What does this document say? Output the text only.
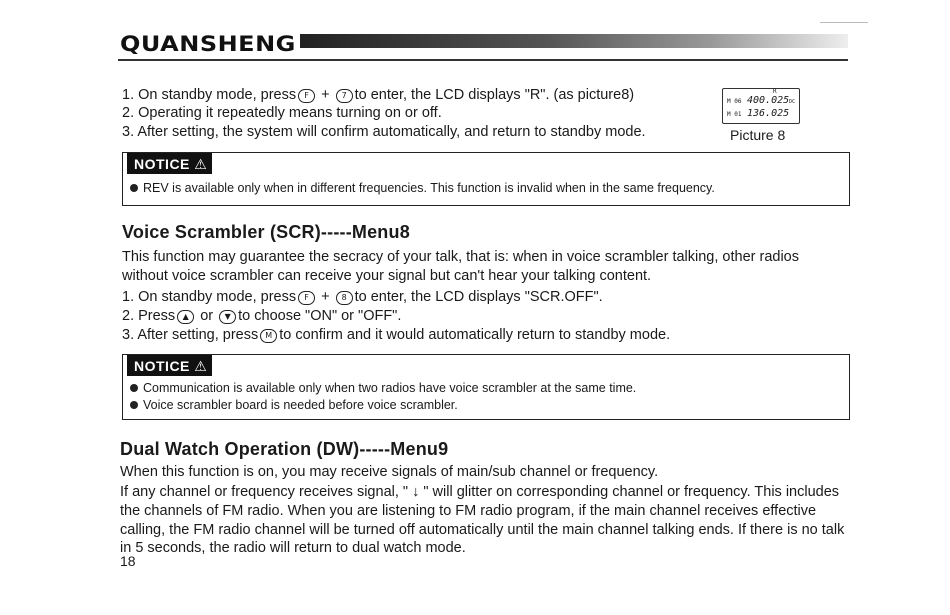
QUANSHENG
1. On standby mode, press F + 7 to enter, the LCD displays "R". (as picture8)
2. Operating it repeatedly means turning on or off.
3. After setting, the system will confirm automatically, and return to standby mode.
R
M 06 400.025 DC
M 01 136.025
Picture 8
NOTICE ⚠
REV is available only when in different frequencies. This function is invalid when in the same frequency.
Voice Scrambler (SCR)-----Menu8
This function may guarantee the secracy of your talk, that is: when in voice scrambler talking, other radios
without voice scrambler can receive your signal but can't hear your talking content.
1. On standby mode, press F + 8 to enter, the LCD displays "SCR.OFF".
2. Press ▲ or ▼ to choose "ON" or "OFF".
3. After setting, press M to confirm and it would automatically return to standby mode.
NOTICE ⚠
Communication is available only when two radios have voice scrambler at the same time.
Voice scrambler board is needed before voice scrambler.
Dual Watch Operation (DW)-----Menu9
When this function is on, you may receive signals of main/sub channel or frequency.
If any channel or frequency receives signal, " ↓ " will glitter on corresponding channel or frequency. This includes
the channels of FM radio. When you are listening to FM radio program, if the main channel receives effective
calling, the FM radio channel will be turned off automatically until the main channel talking ends. If there is no talk
in 5 seconds, the radio will return to dual watch mode.
18
